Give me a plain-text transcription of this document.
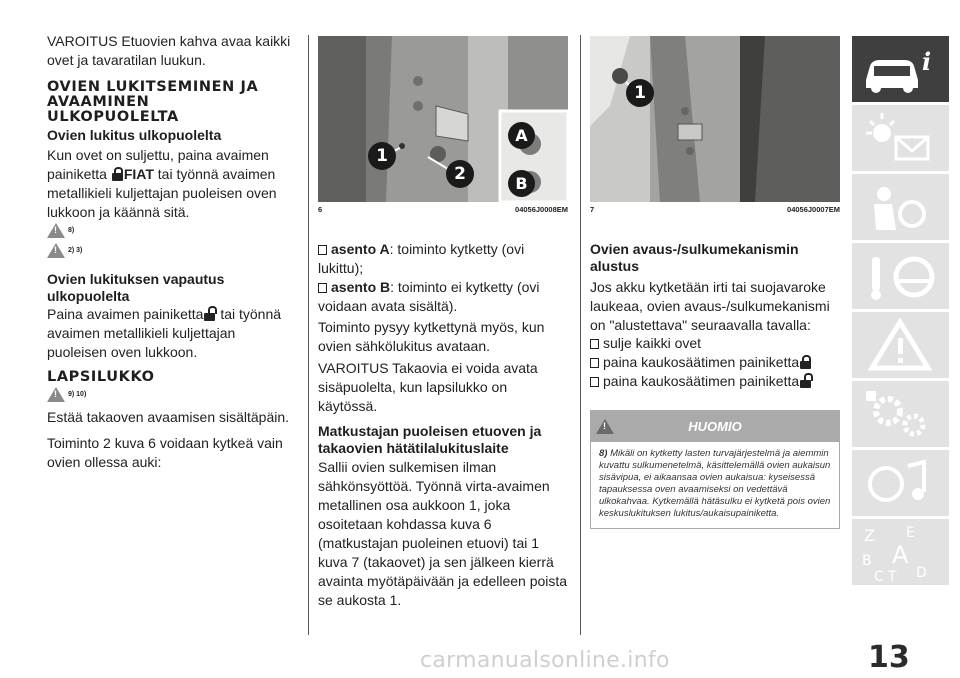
VAROITUS Etuovien kahva avaa kaikki ovet ja tavaratilan luukun.

OVIEN LUKITSEMINEN JA
AVAAMINEN
ULKOPUOLELTA
Ovien lukitus ulkopuolelta

Kun ovet on suljettu, paina avaimen painiketta FIAT tai työnnä avaimen metallikieli kuljettajan puoleisen oven lukkoon ja käännä sitä.

!
8)
!
2) 3)
Ovien lukituksen vapautus
ulkopuolelta

Paina avaimen painiketta tai työnnä avaimen metallikieli kuljettajan puoleisen oven lukkoon.

LAPSILUKKO
!
9) 10)

Estää takaoven avaamisen sisältäpäin.

Toiminto 2 kuva 6 voidaan kytkeä vain ovien ollessa auki:

1
2
A
B
6	04056J0008EM

asento A: toiminto kytketty (ovi lukittu);

asento B: toiminto ei kytketty (ovi voidaan avata sisältä).

Toiminto pysyy kytkettynä myös, kun ovien sähkölukitus avataan.

VAROITUS Takaovia ei voida avata sisäpuolelta, kun lapsilukko on käytössä.

Matkustajan puoleisen etuoven ja
takaovien hätätilalukituslaite

Sallii ovien sulkemisen ilman sähkönsyöttöä. Työnnä virta-avaimen metallinen osa aukkoon 1, joka osoitetaan kohdassa kuva 6 (matkustajan puoleinen etuovi) tai 1 kuva 7 (takaovet) ja sen jälkeen kierrä avainta myötäpäivään ja edelleen poista se aukosta 1.

1
7	04056J0007EM
Ovien avaus-/sulkumekanismin
alustus

Jos akku kytketään irti tai suojavaroke laukeaa, ovien avaus-/sulkumekanismi on "alustettava" seuraavalla tavalla:

sulje kaikki ovet

paina kaukosäätimen painiketta

paina kaukosäätimen painiketta

!
HUOMIO
8) Mikäli on kytketty lasten turvajärjestelmä ja aiemmin kuvattu sulkumenetelmä, käsittelemällä ovien aukaisun sisävipua, ei aikaansaa ovien aukaisua: kyseisessä tapauksessa oven avaamiseksi on vedettävä ulkokahvaa. Kytkemällä hätäsulku ei kytketä pois ovien keskuslukituksen lukitus/aukaisupainiketta.
i
Z E
B A
C T D
13
carmanualsonline.info
